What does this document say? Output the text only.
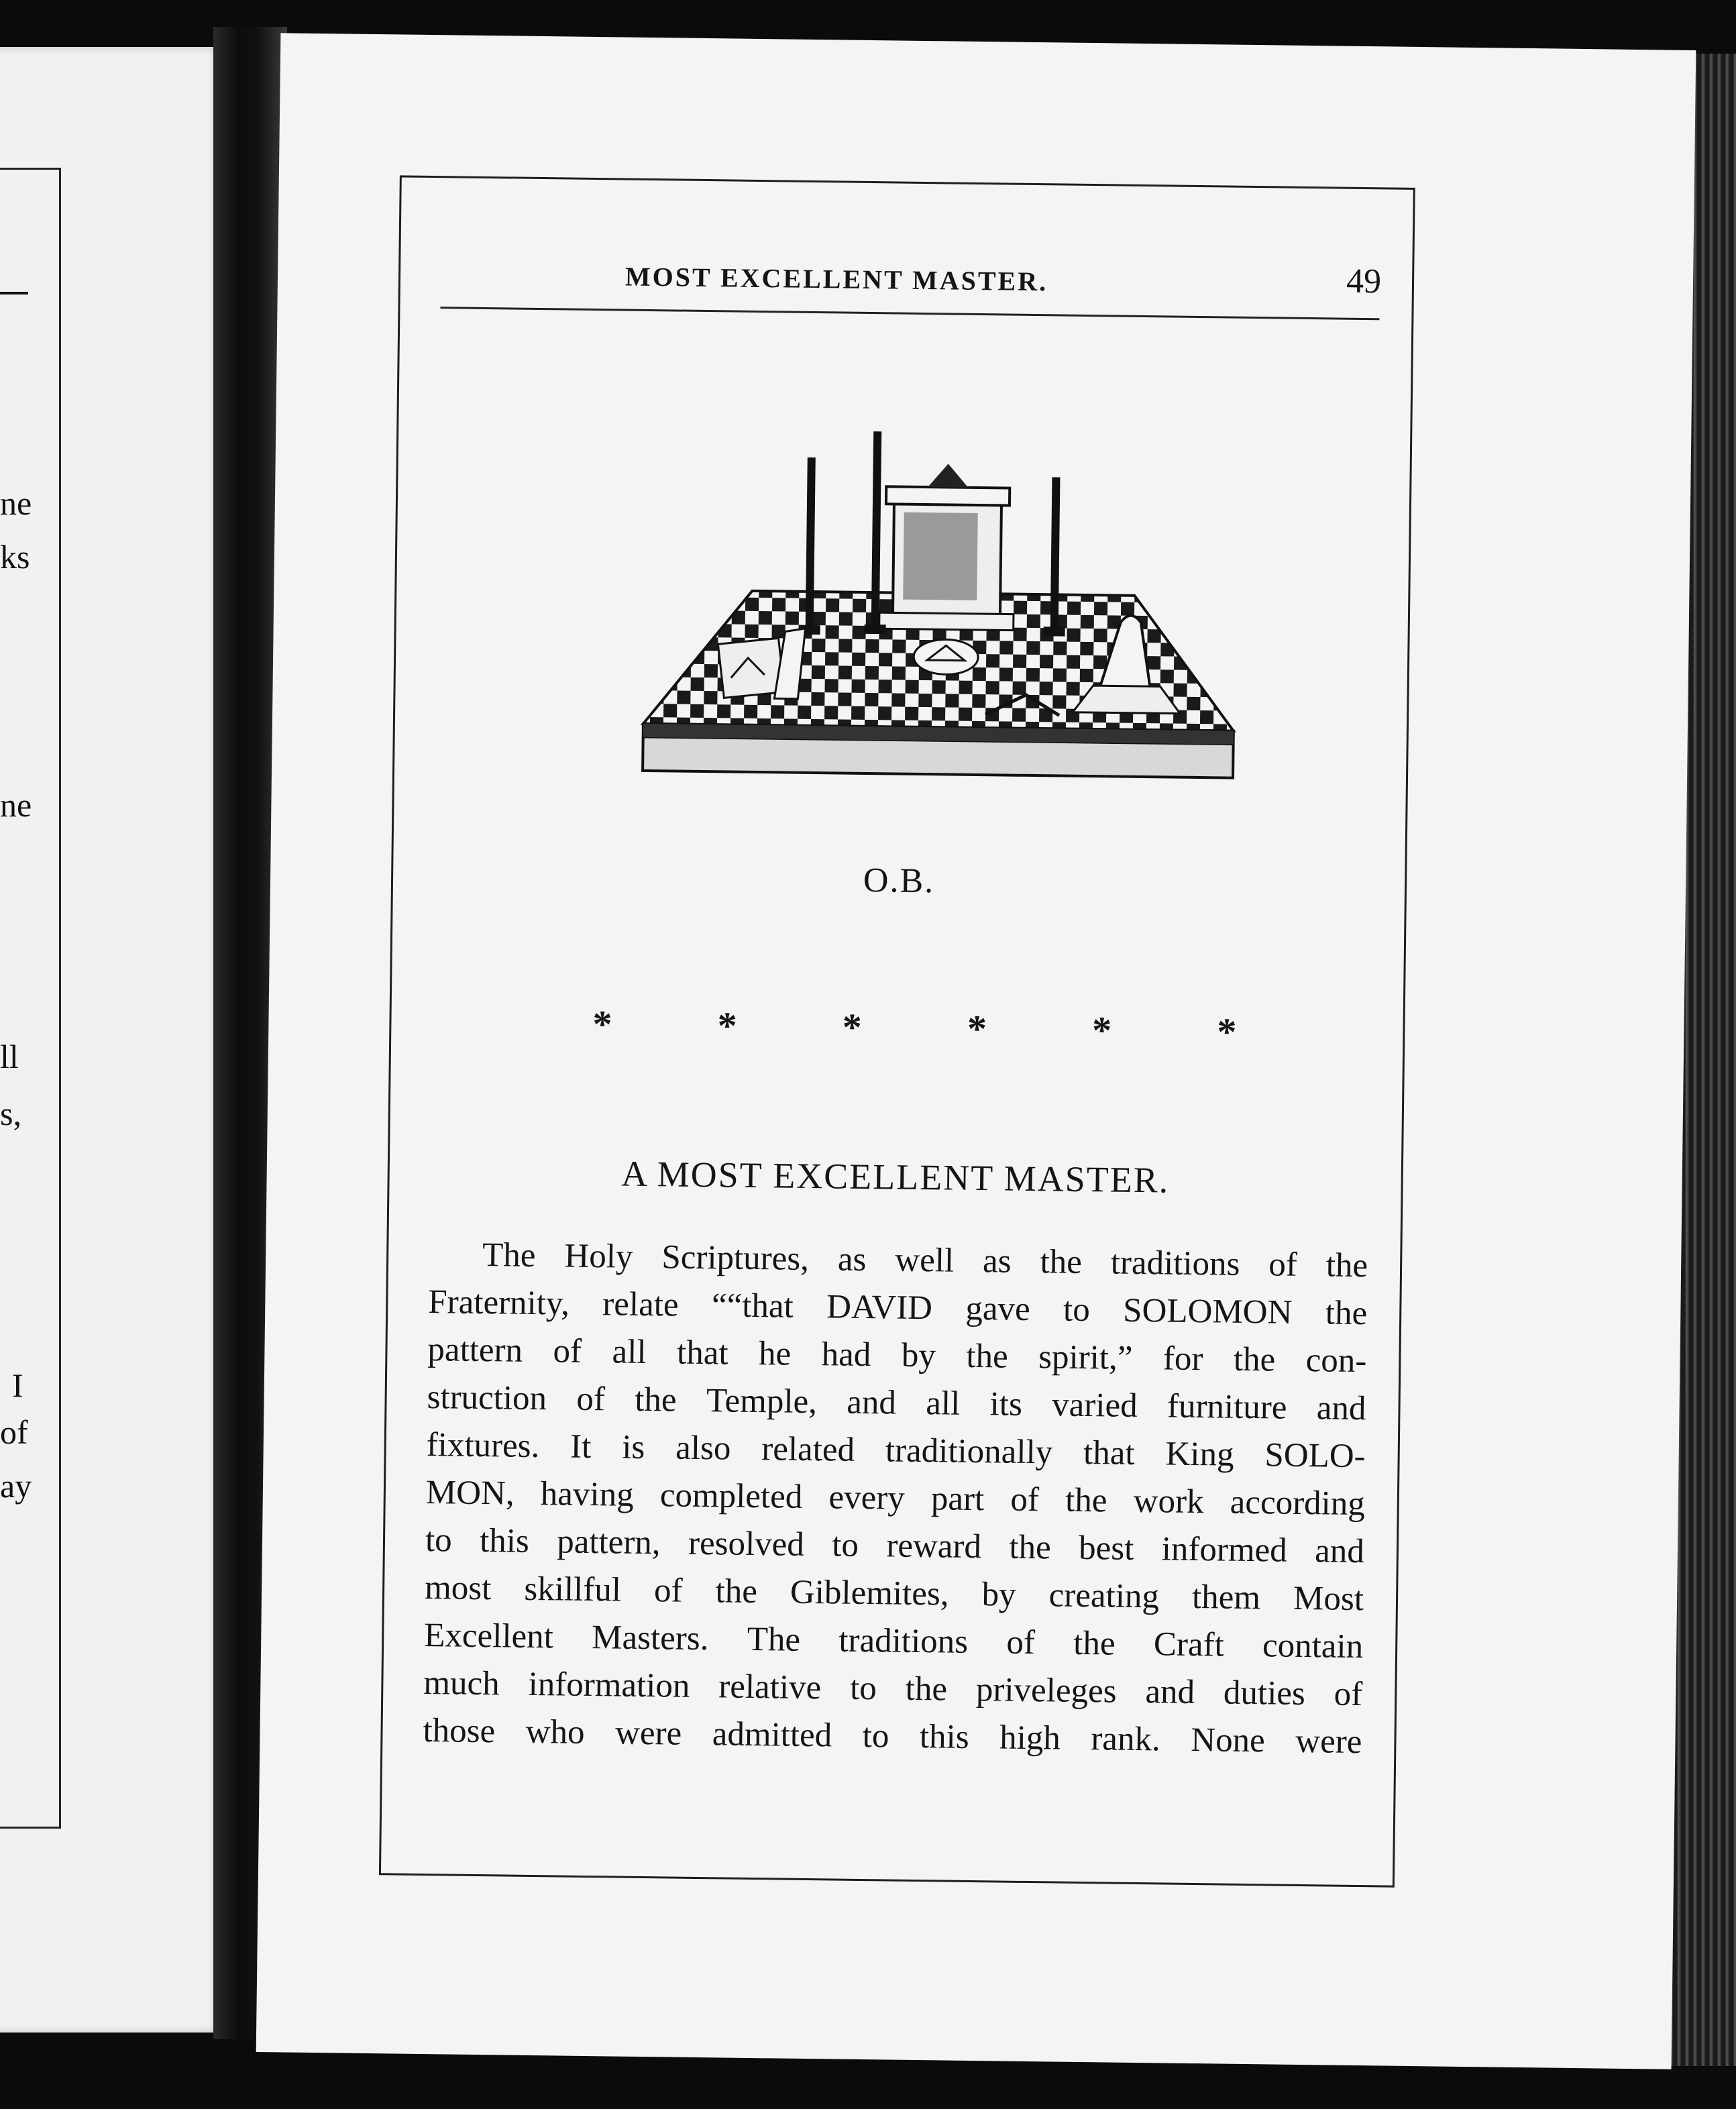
ne
ks
ne
ll
s,
I
of
ay
MOST EXCELLENT MASTER.	49
O.B.
*	*	*	*	*	*
A MOST EXCELLENT MASTER.
The Holy Scriptures, as well as the traditions of the
Fraternity, relate ““that DAVID gave to SOLOMON the
pattern of all that he had by the spirit,” for the con-
struction of the Temple, and all its varied furniture and
fixtures. It is also related traditionally that King SOLO-
MON, having completed every part of the work according
to this pattern, resolved to reward the best informed and
most skillful of the Giblemites, by creating them Most
Excellent Masters. The traditions of the Craft contain
much information relative to the priveleges and duties of
those who were admitted to this high rank. None were
